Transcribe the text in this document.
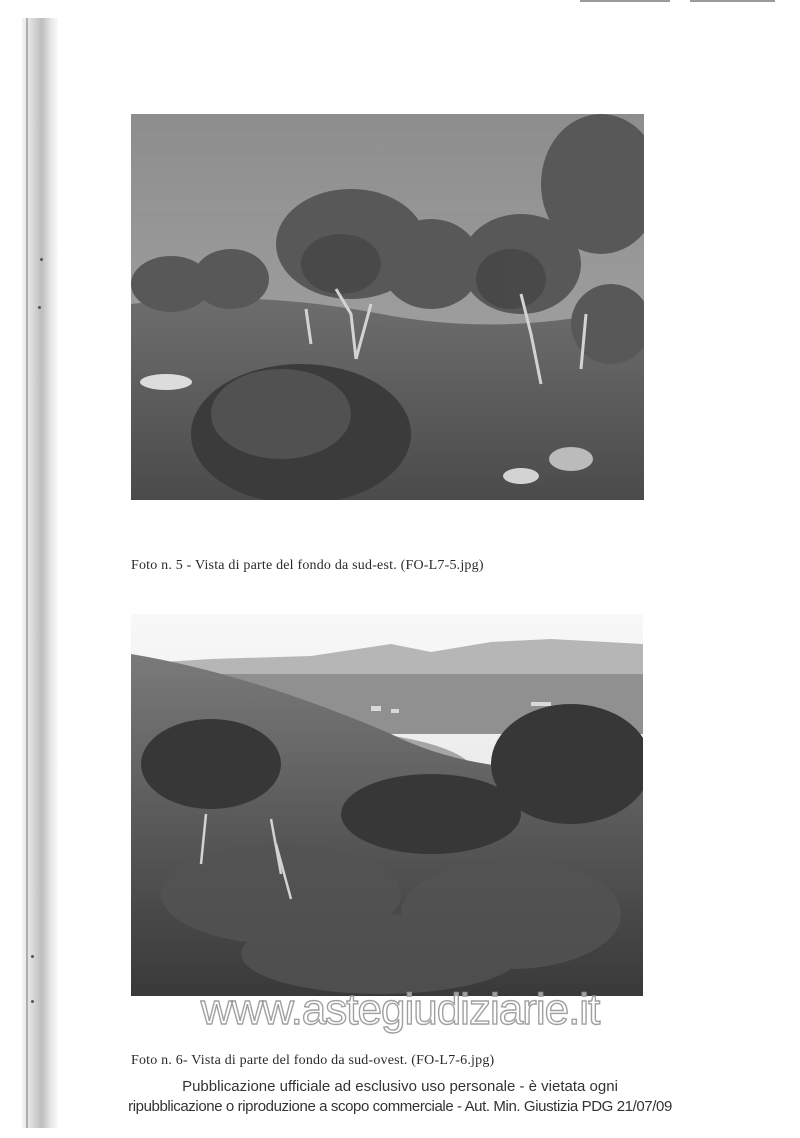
Foto n. 5 - Vista di parte del fondo da sud-est. (FO-L7-5.jpg)
Foto n. 6- Vista di parte del fondo da sud-ovest. (FO-L7-6.jpg)
www.astegiudiziarie.it
Pubblicazione ufficiale ad esclusivo uso personale - è vietata ogni
ripubblicazione o riproduzione a scopo commerciale - Aut. Min. Giustizia PDG 21/07/09
